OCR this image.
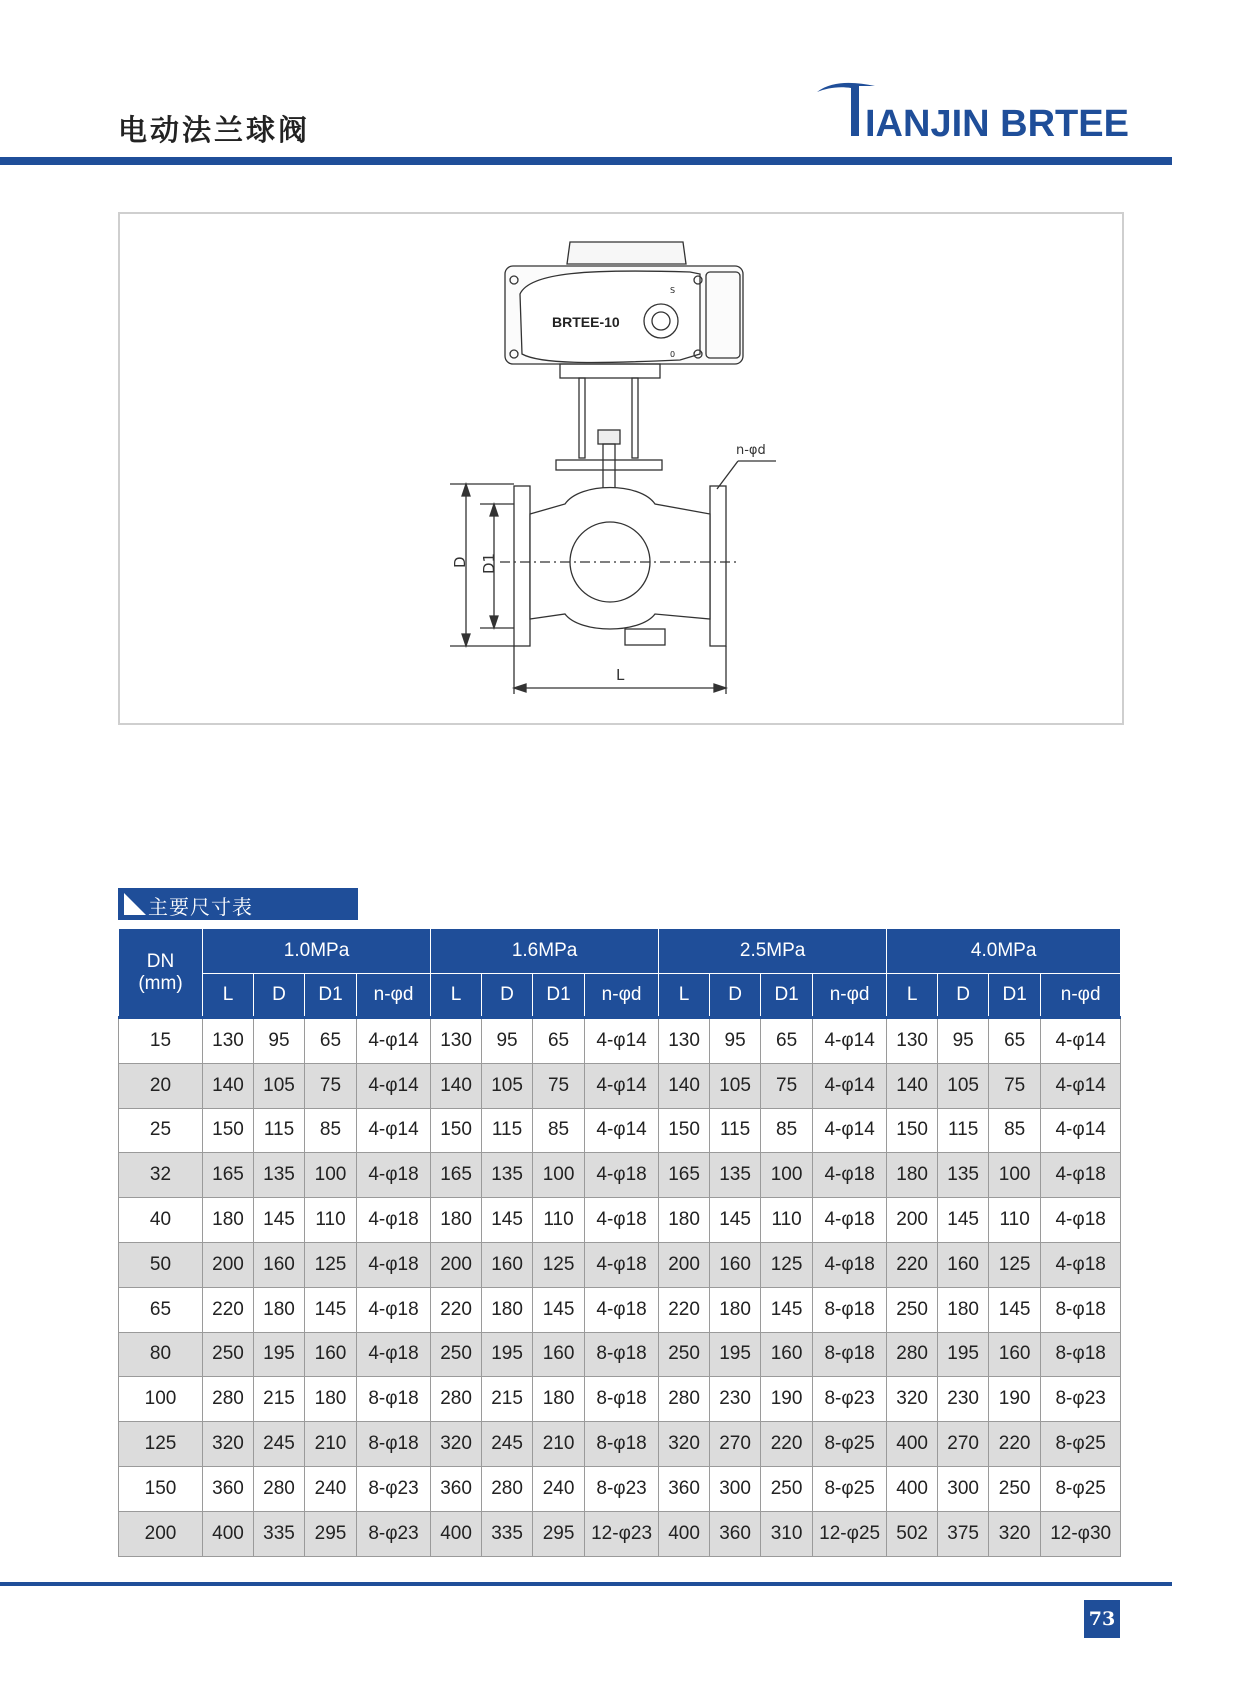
电动法兰球阀	IANJIN BRTEE
BRTEE-10
S
0
n-φd
D D1
L
主要尺寸表
DN
(mm)	1.0MPa				1.6MPa				2.5MPa				4.0MPa			
	L	D	D1	n-φd	L	D	D1	n-φd	L	D	D1	n-φd	L	D	D1	n-φd
15	130	95	65	4-φ14	130	95	65	4-φ14	130	95	65	4-φ14	130	95	65	4-φ14
20	140	105	75	4-φ14	140	105	75	4-φ14	140	105	75	4-φ14	140	105	75	4-φ14
25	150	115	85	4-φ14	150	115	85	4-φ14	150	115	85	4-φ14	150	115	85	4-φ14
32	165	135	100	4-φ18	165	135	100	4-φ18	165	135	100	4-φ18	180	135	100	4-φ18
40	180	145	110	4-φ18	180	145	110	4-φ18	180	145	110	4-φ18	200	145	110	4-φ18
50	200	160	125	4-φ18	200	160	125	4-φ18	200	160	125	4-φ18	220	160	125	4-φ18
65	220	180	145	4-φ18	220	180	145	4-φ18	220	180	145	8-φ18	250	180	145	8-φ18
80	250	195	160	4-φ18	250	195	160	8-φ18	250	195	160	8-φ18	280	195	160	8-φ18
100	280	215	180	8-φ18	280	215	180	8-φ18	280	230	190	8-φ23	320	230	190	8-φ23
125	320	245	210	8-φ18	320	245	210	8-φ18	320	270	220	8-φ25	400	270	220	8-φ25
150	360	280	240	8-φ23	360	280	240	8-φ23	360	300	250	8-φ25	400	300	250	8-φ25
200	400	335	295	8-φ23	400	335	295	12-φ23	400	360	310	12-φ25	502	375	320	12-φ30
73
